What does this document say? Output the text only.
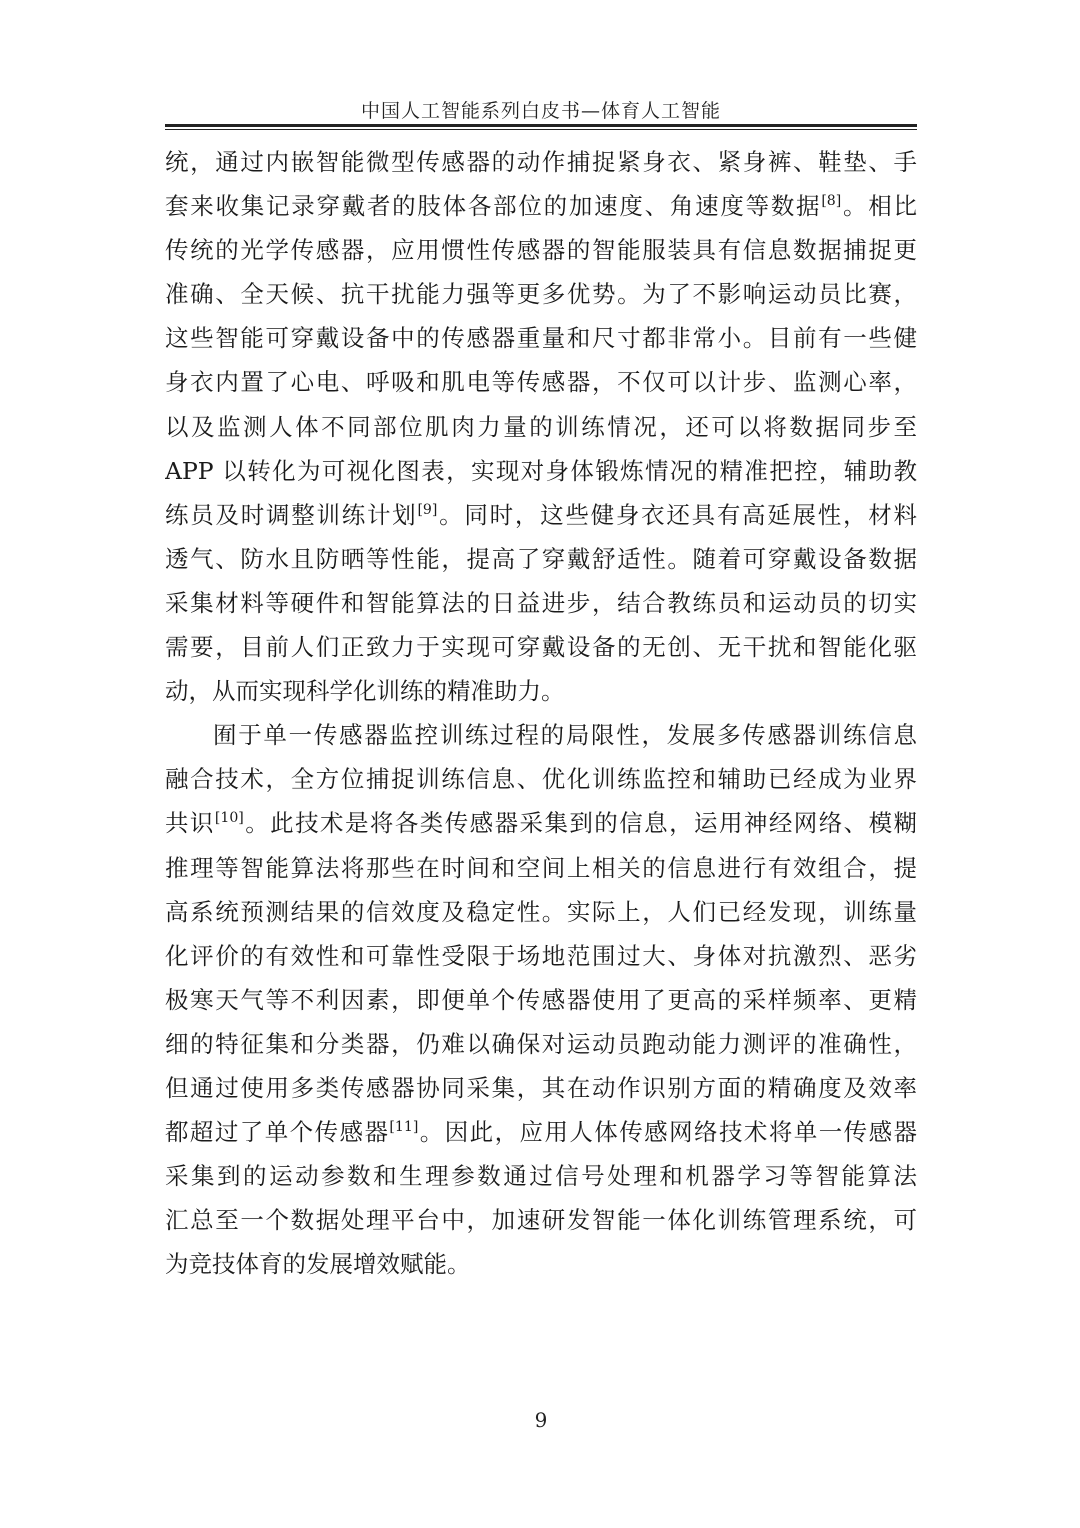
中国人工智能系列白皮书—体育人工智能
统，通过内嵌智能微型传感器的动作捕捉紧身衣、紧身裤、鞋垫、手
套来收集记录穿戴者的肢体各部位的加速度、角速度等数据[8]。相比
传统的光学传感器，应用惯性传感器的智能服装具有信息数据捕捉更
准确、全天候、抗干扰能力强等更多优势。为了不影响运动员比赛，
这些智能可穿戴设备中的传感器重量和尺寸都非常小。目前有一些健
身衣内置了心电、呼吸和肌电等传感器，不仅可以计步、监测心率，
以及监测人体不同部位肌肉力量的训练情况，还可以将数据同步至
APP 以转化为可视化图表，实现对身体锻炼情况的精准把控，辅助教
练员及时调整训练计划[9]。同时，这些健身衣还具有高延展性，材料
透气、防水且防晒等性能，提高了穿戴舒适性。随着可穿戴设备数据
采集材料等硬件和智能算法的日益进步，结合教练员和运动员的切实
需要，目前人们正致力于实现可穿戴设备的无创、无干扰和智能化驱
动，从而实现科学化训练的精准助力。
囿于单一传感器监控训练过程的局限性，发展多传感器训练信息
融合技术，全方位捕捉训练信息、优化训练监控和辅助已经成为业界
共识[10]。此技术是将各类传感器采集到的信息，运用神经网络、模糊
推理等智能算法将那些在时间和空间上相关的信息进行有效组合，提
高系统预测结果的信效度及稳定性。实际上，人们已经发现，训练量
化评价的有效性和可靠性受限于场地范围过大、身体对抗激烈、恶劣
极寒天气等不利因素，即便单个传感器使用了更高的采样频率、更精
细的特征集和分类器，仍难以确保对运动员跑动能力测评的准确性，
但通过使用多类传感器协同采集，其在动作识别方面的精确度及效率
都超过了单个传感器[11]。因此，应用人体传感网络技术将单一传感器
采集到的运动参数和生理参数通过信号处理和机器学习等智能算法
汇总至一个数据处理平台中，加速研发智能一体化训练管理系统，可
为竞技体育的发展增效赋能。
9
